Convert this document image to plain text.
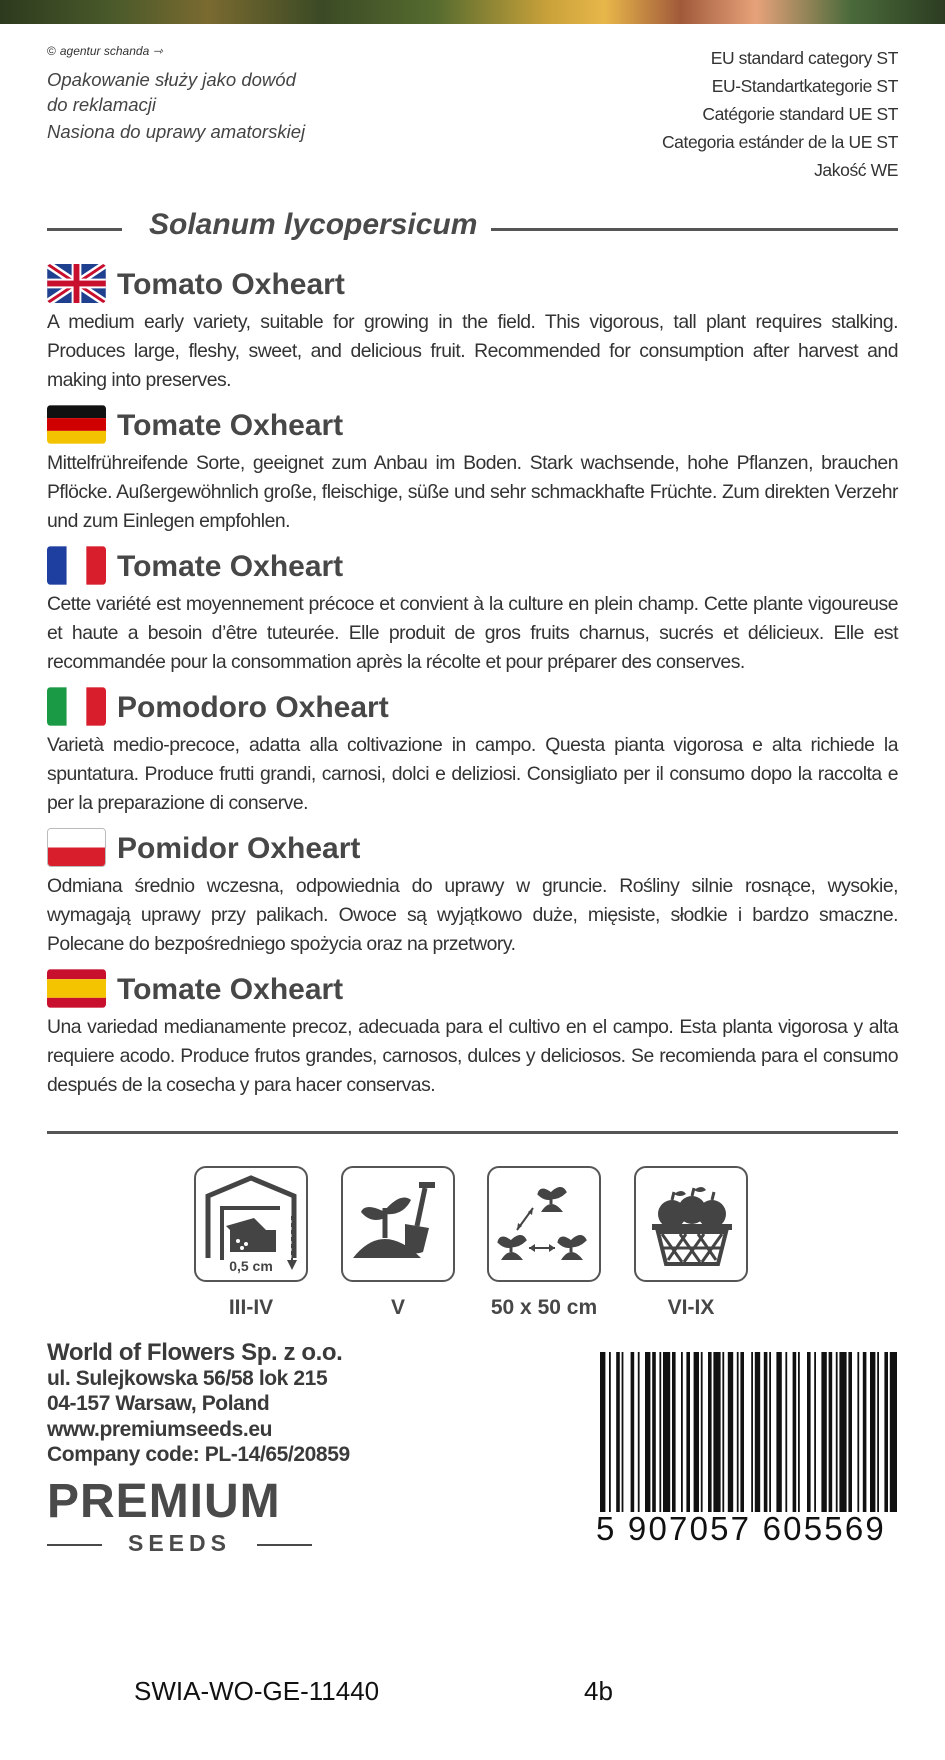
© agentur schanda ⇾
Opakowanie służy jako dowód do reklamacji
Nasiona do uprawy amatorskiej
EU standard category ST
EU-Standartkategorie ST
Catégorie standard UE ST
Categoria estánder de la UE ST
Jakość WE
Solanum lycopersicum
Tomato Oxheart
A medium early variety, suitable for growing in the field. This vigorous, tall plant requires stalking. Produces large, fleshy, sweet, and delicious fruit. Recommended for consumption after harvest and making into preserves.
Tomate Oxheart
Mittelfrühreifende Sorte, geeignet zum Anbau im Boden. Stark wachsende, hohe Pflanzen, brauchen Pflöcke. Außergewöhnlich große, fleischige, süße und sehr schmackhafte Früchte. Zum direkten Verzehr und zum Einlegen empfohlen.
Tomate Oxheart
Cette variété est moyennement précoce et convient à la culture en plein champ. Cette plante vigoureuse et haute a besoin d’être tuteurée. Elle produit de gros fruits charnus, sucrés et délicieux. Elle est recommandée pour la consommation après la récolte et pour préparer des conserves.
Pomodoro Oxheart
Varietà medio-precoce, adatta alla coltivazione in campo. Questa pianta vigorosa e alta richiede la spuntatura. Produce frutti grandi, carnosi, dolci e deliziosi. Consigliato per il consumo dopo la raccolta e per la preparazione di conserve.
Pomidor Oxheart
Odmiana średnio wczesna, odpowiednia do uprawy w gruncie. Rośliny silnie rosnące, wysokie, wymagają uprawy przy palikach. Owoce są wyjątkowo duże, mięsiste, słodkie i bardzo smaczne. Polecane do bezpośredniego spożycia oraz na przetwory.
Tomate Oxheart
Una variedad medianamente precoz, adecuada para el cultivo en el campo. Esta planta vigorosa y alta requiere acodo. Produce frutos grandes, carnosos, dulces y deliciosos. Se recomienda para el consumo después de la cosecha y para hacer conservas.
0,5 cm
III-IV	V	50 x 50 cm	VI-IX
World of Flowers Sp. z o.o.
ul. Sulejkowska 56/58 lok 215
04-157 Warsaw, Poland
www.premiumseeds.eu
Company code: PL-14/65/20859
PREMIUM
SEEDS	5 907057 605569
SWIA-WO-GE-11440	4b
